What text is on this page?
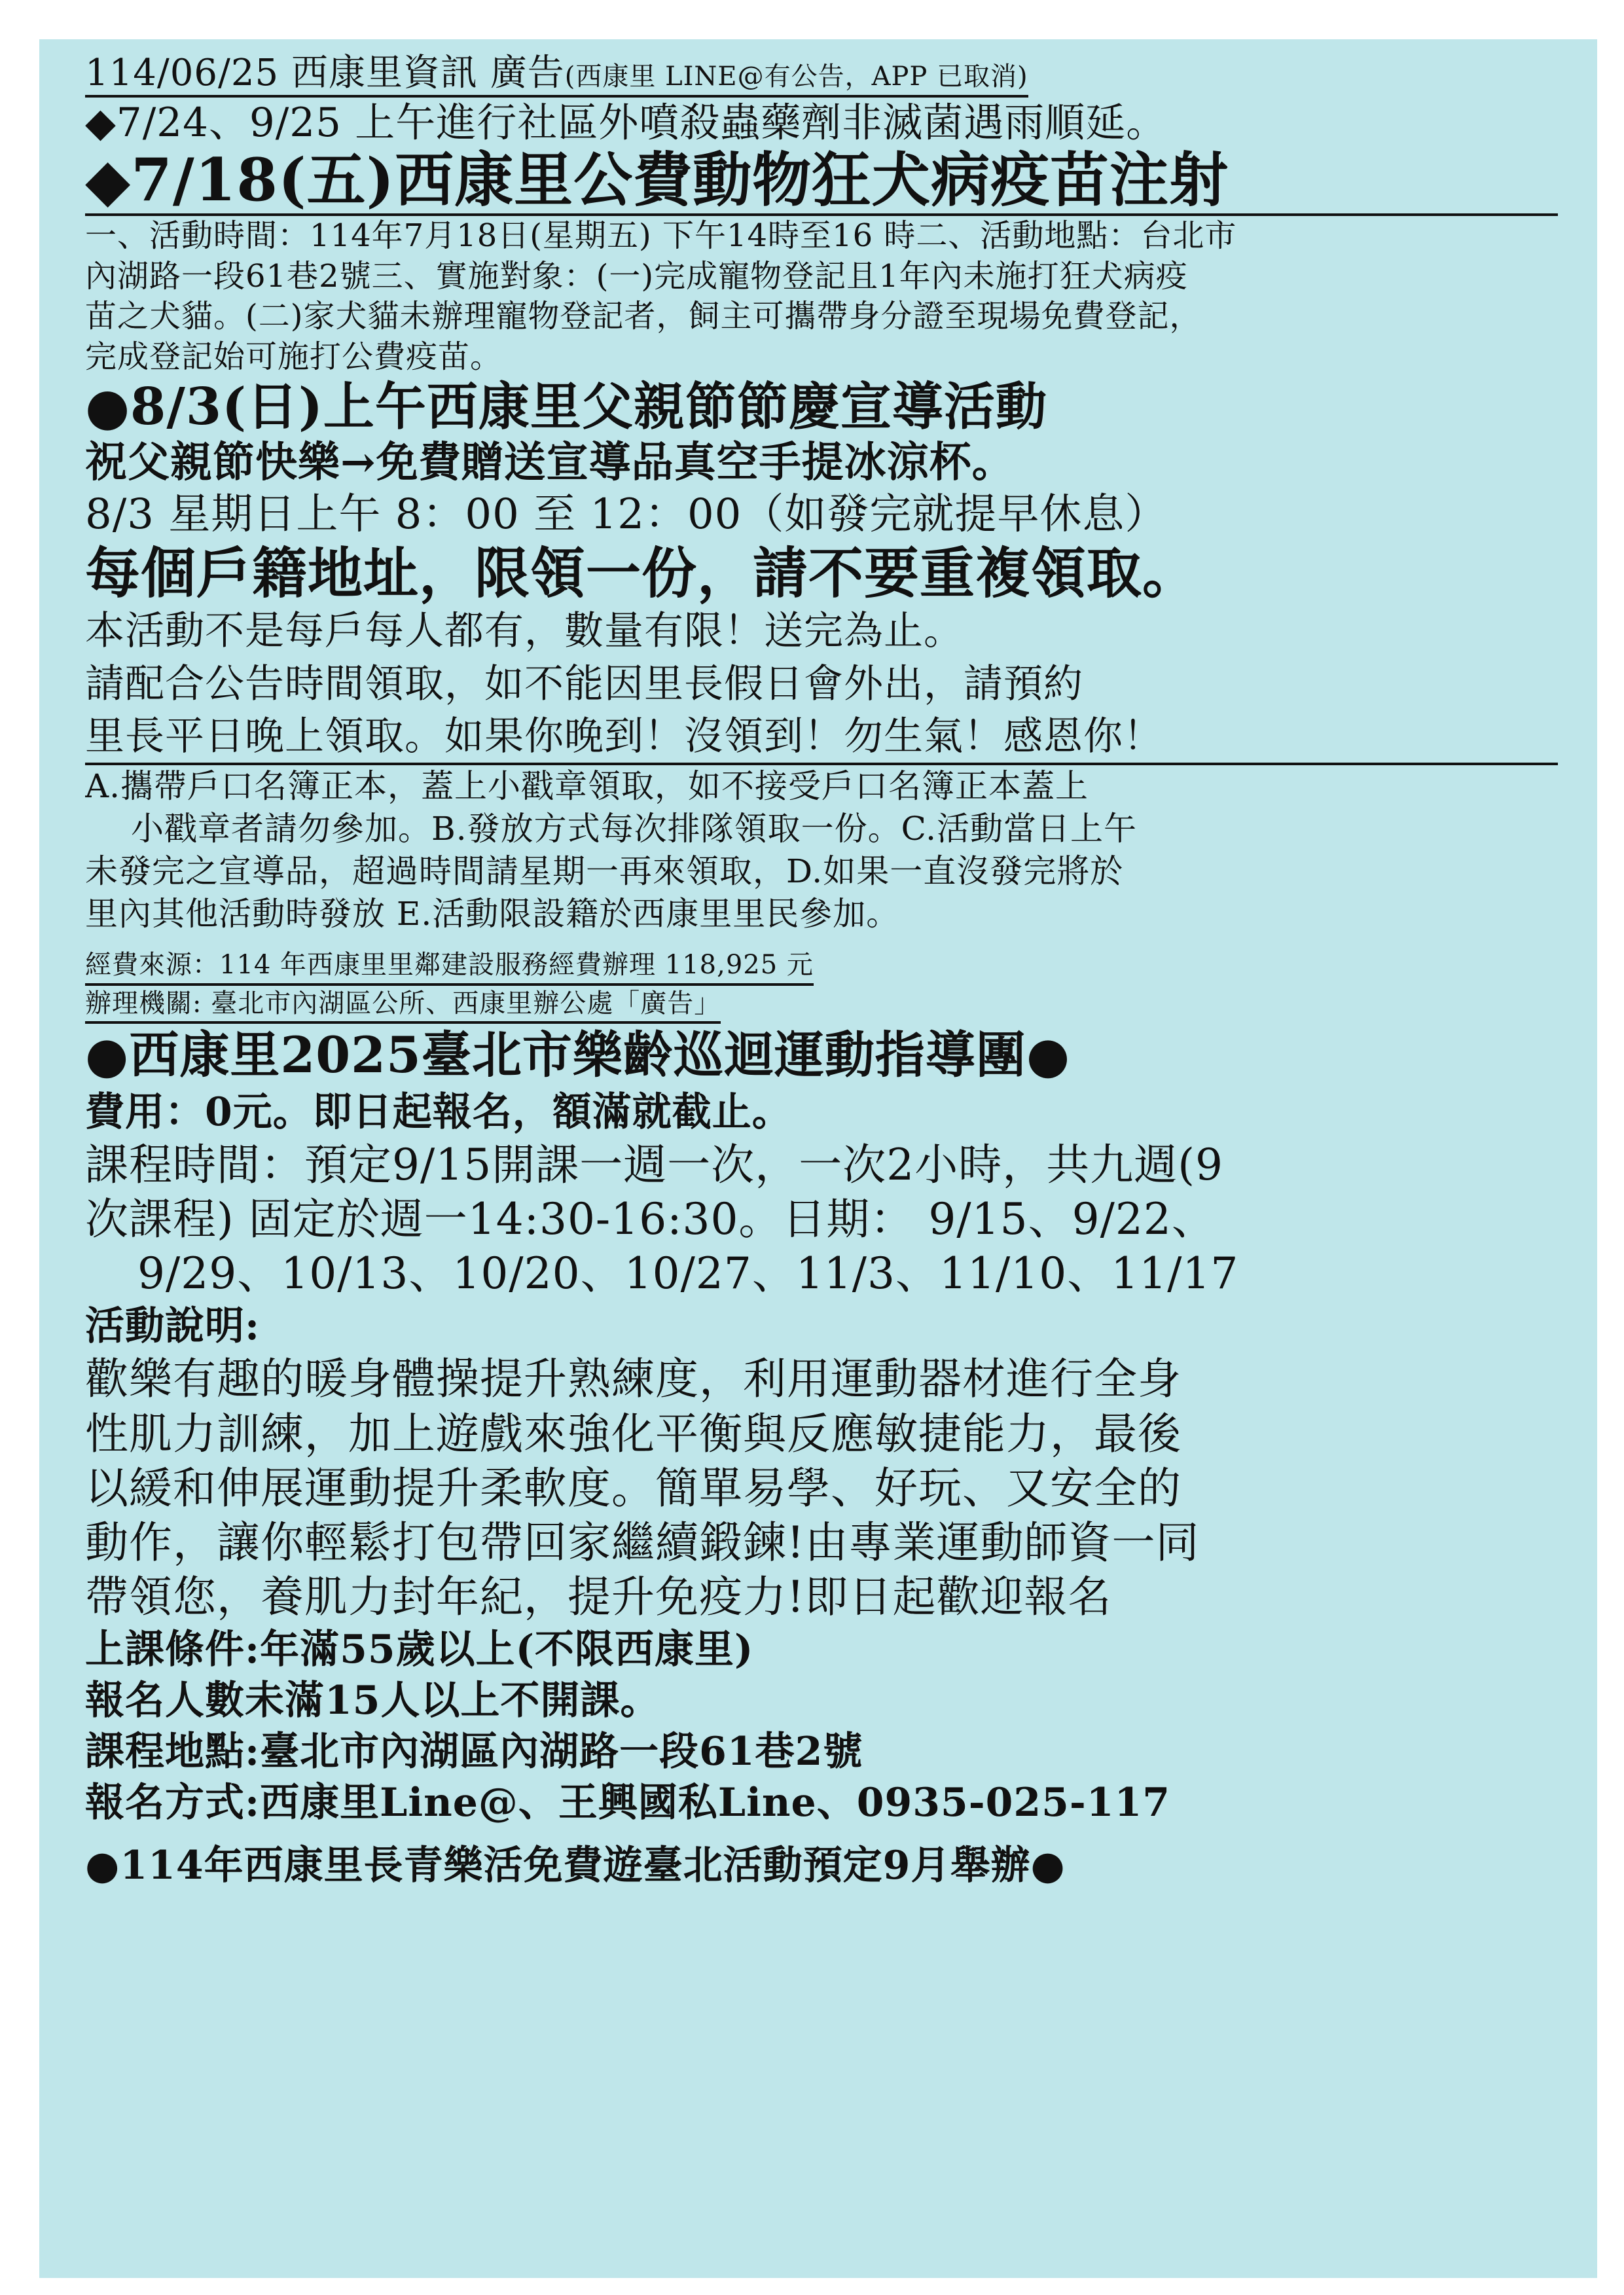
114/06/25 西康里資訊 廣告(西康里 LINE@有公告，APP 已取消)
◆7/24、9/25 上午進行社區外噴殺蟲藥劑非滅菌遇雨順延。
◆7/18(五)西康里公費動物狂犬病疫苗注射
一、活動時間：114年7月18日(星期五) 下午14時至16 時二、活動地點：台北市
內湖路一段61巷2號三、實施對象：(一)完成寵物登記且1年內未施打狂犬病疫
苗之犬貓。(二)家犬貓未辦理寵物登記者，飼主可攜帶身分證至現場免費登記，
完成登記始可施打公費疫苗。
●8/3(日)上午西康里父親節節慶宣導活動
祝父親節快樂→免費贈送宣導品真空手提冰涼杯。
8/3 星期日上午 8：00 至 12：00（如發完就提早休息）
每個戶籍地址，限領一份，請不要重複領取。
本活動不是每戶每人都有，數量有限！送完為止。
請配合公告時間領取，如不能因里長假日會外出，請預約
里長平日晚上領取。如果你晚到！沒領到！勿生氣！感恩你！
A.攜帶戶口名簿正本，蓋上小戳章領取，如不接受戶口名簿正本蓋上
小戳章者請勿參加。B.發放方式每次排隊領取一份。C.活動當日上午
未發完之宣導品，超過時間請星期一再來領取，D.如果一直沒發完將於
里內其他活動時發放 E.活動限設籍於西康里里民參加。
經費來源：114 年西康里里鄰建設服務經費辦理 118,925 元
辦理機關: 臺北市內湖區公所、西康里辦公處「廣告」
●西康里2025臺北市樂齡巡迴運動指導團●
費用：0元。即日起報名，額滿就截止。
課程時間：預定9/15開課一週一次，一次2小時，共九週(9
次課程) 固定於週一14:30-16:30。日期： 9/15、9/22、
9/29、10/13、10/20、10/27、11/3、11/10、11/17
活動說明:
歡樂有趣的暖身體操提升熟練度，利用運動器材進行全身
性肌力訓練，加上遊戲來強化平衡與反應敏捷能力，最後
以緩和伸展運動提升柔軟度。簡單易學、好玩、又安全的
動作，讓你輕鬆打包帶回家繼續鍛鍊!由專業運動師資一同
帶領您，養肌力封年紀，提升免疫力!即日起歡迎報名
上課條件:年滿55歲以上(不限西康里)
報名人數未滿15人以上不開課。
課程地點:臺北市內湖區內湖路一段61巷2號
報名方式:西康里Line@、王興國私Line、0935-025-117
●114年西康里長青樂活免費遊臺北活動預定9月舉辦●
